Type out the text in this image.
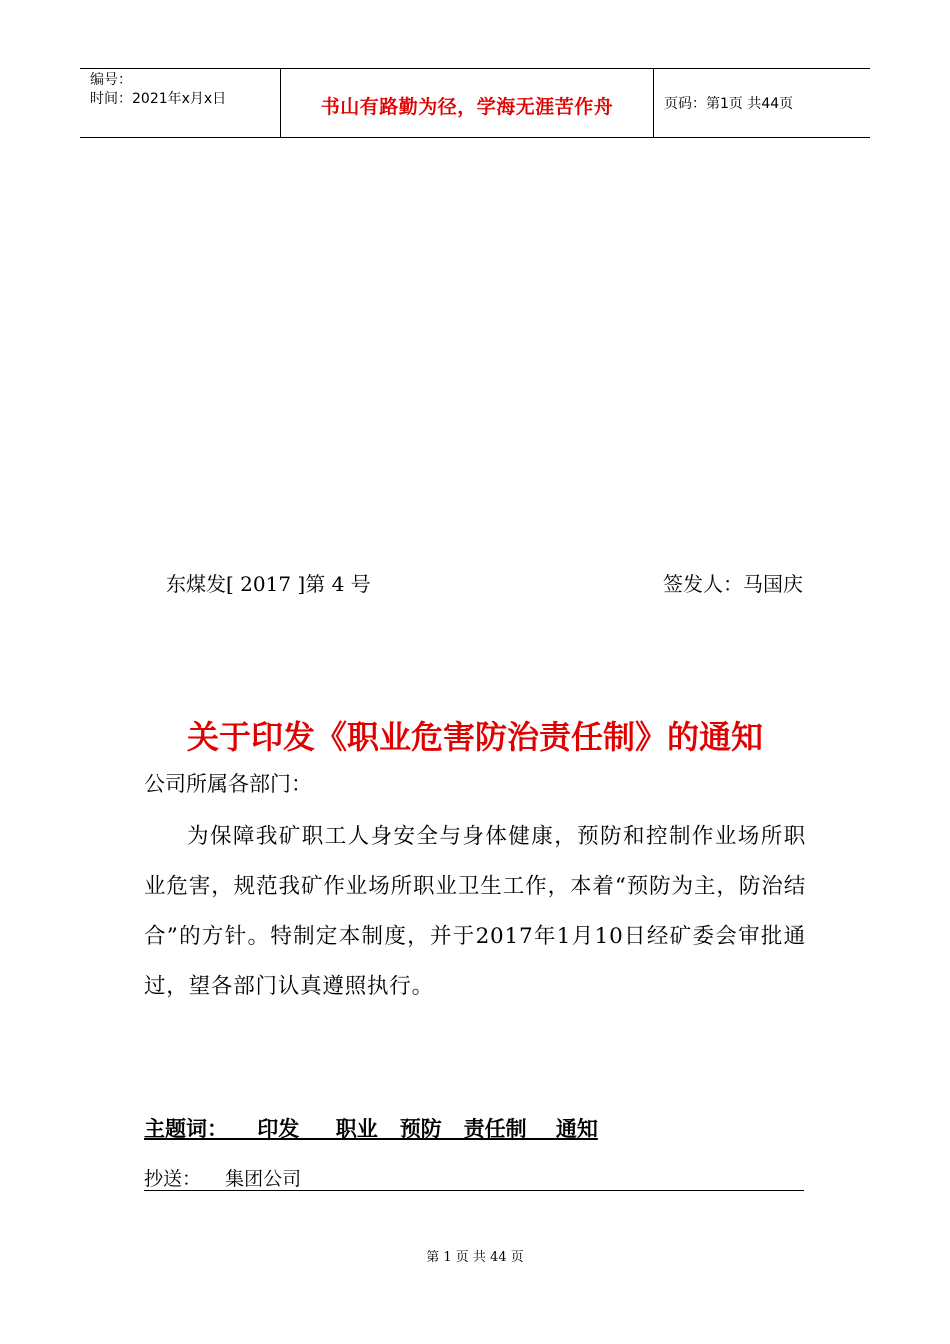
编号：
时间：2021年x月x日	书山有路勤为径，学海无涯苦作舟	页码：第1页 共44页
东煤发[ 2017 ]第 4 号	签发人：马国庆
关于印发《职业危害防治责任制》的通知
公司所属各部门：
为保障我矿职工人身安全与身体健康，预防和控制作业场所职业危害，规范我矿作业场所职业卫生工作，本着“预防为主，防治结合”的方针。特制定本制度，并于2017年1月10日经矿委会审批通过，望各部门认真遵照执行。
主题词：    印发     职业   预防   责任制    通知
抄送：    集团公司
第 1 页 共 44 页
